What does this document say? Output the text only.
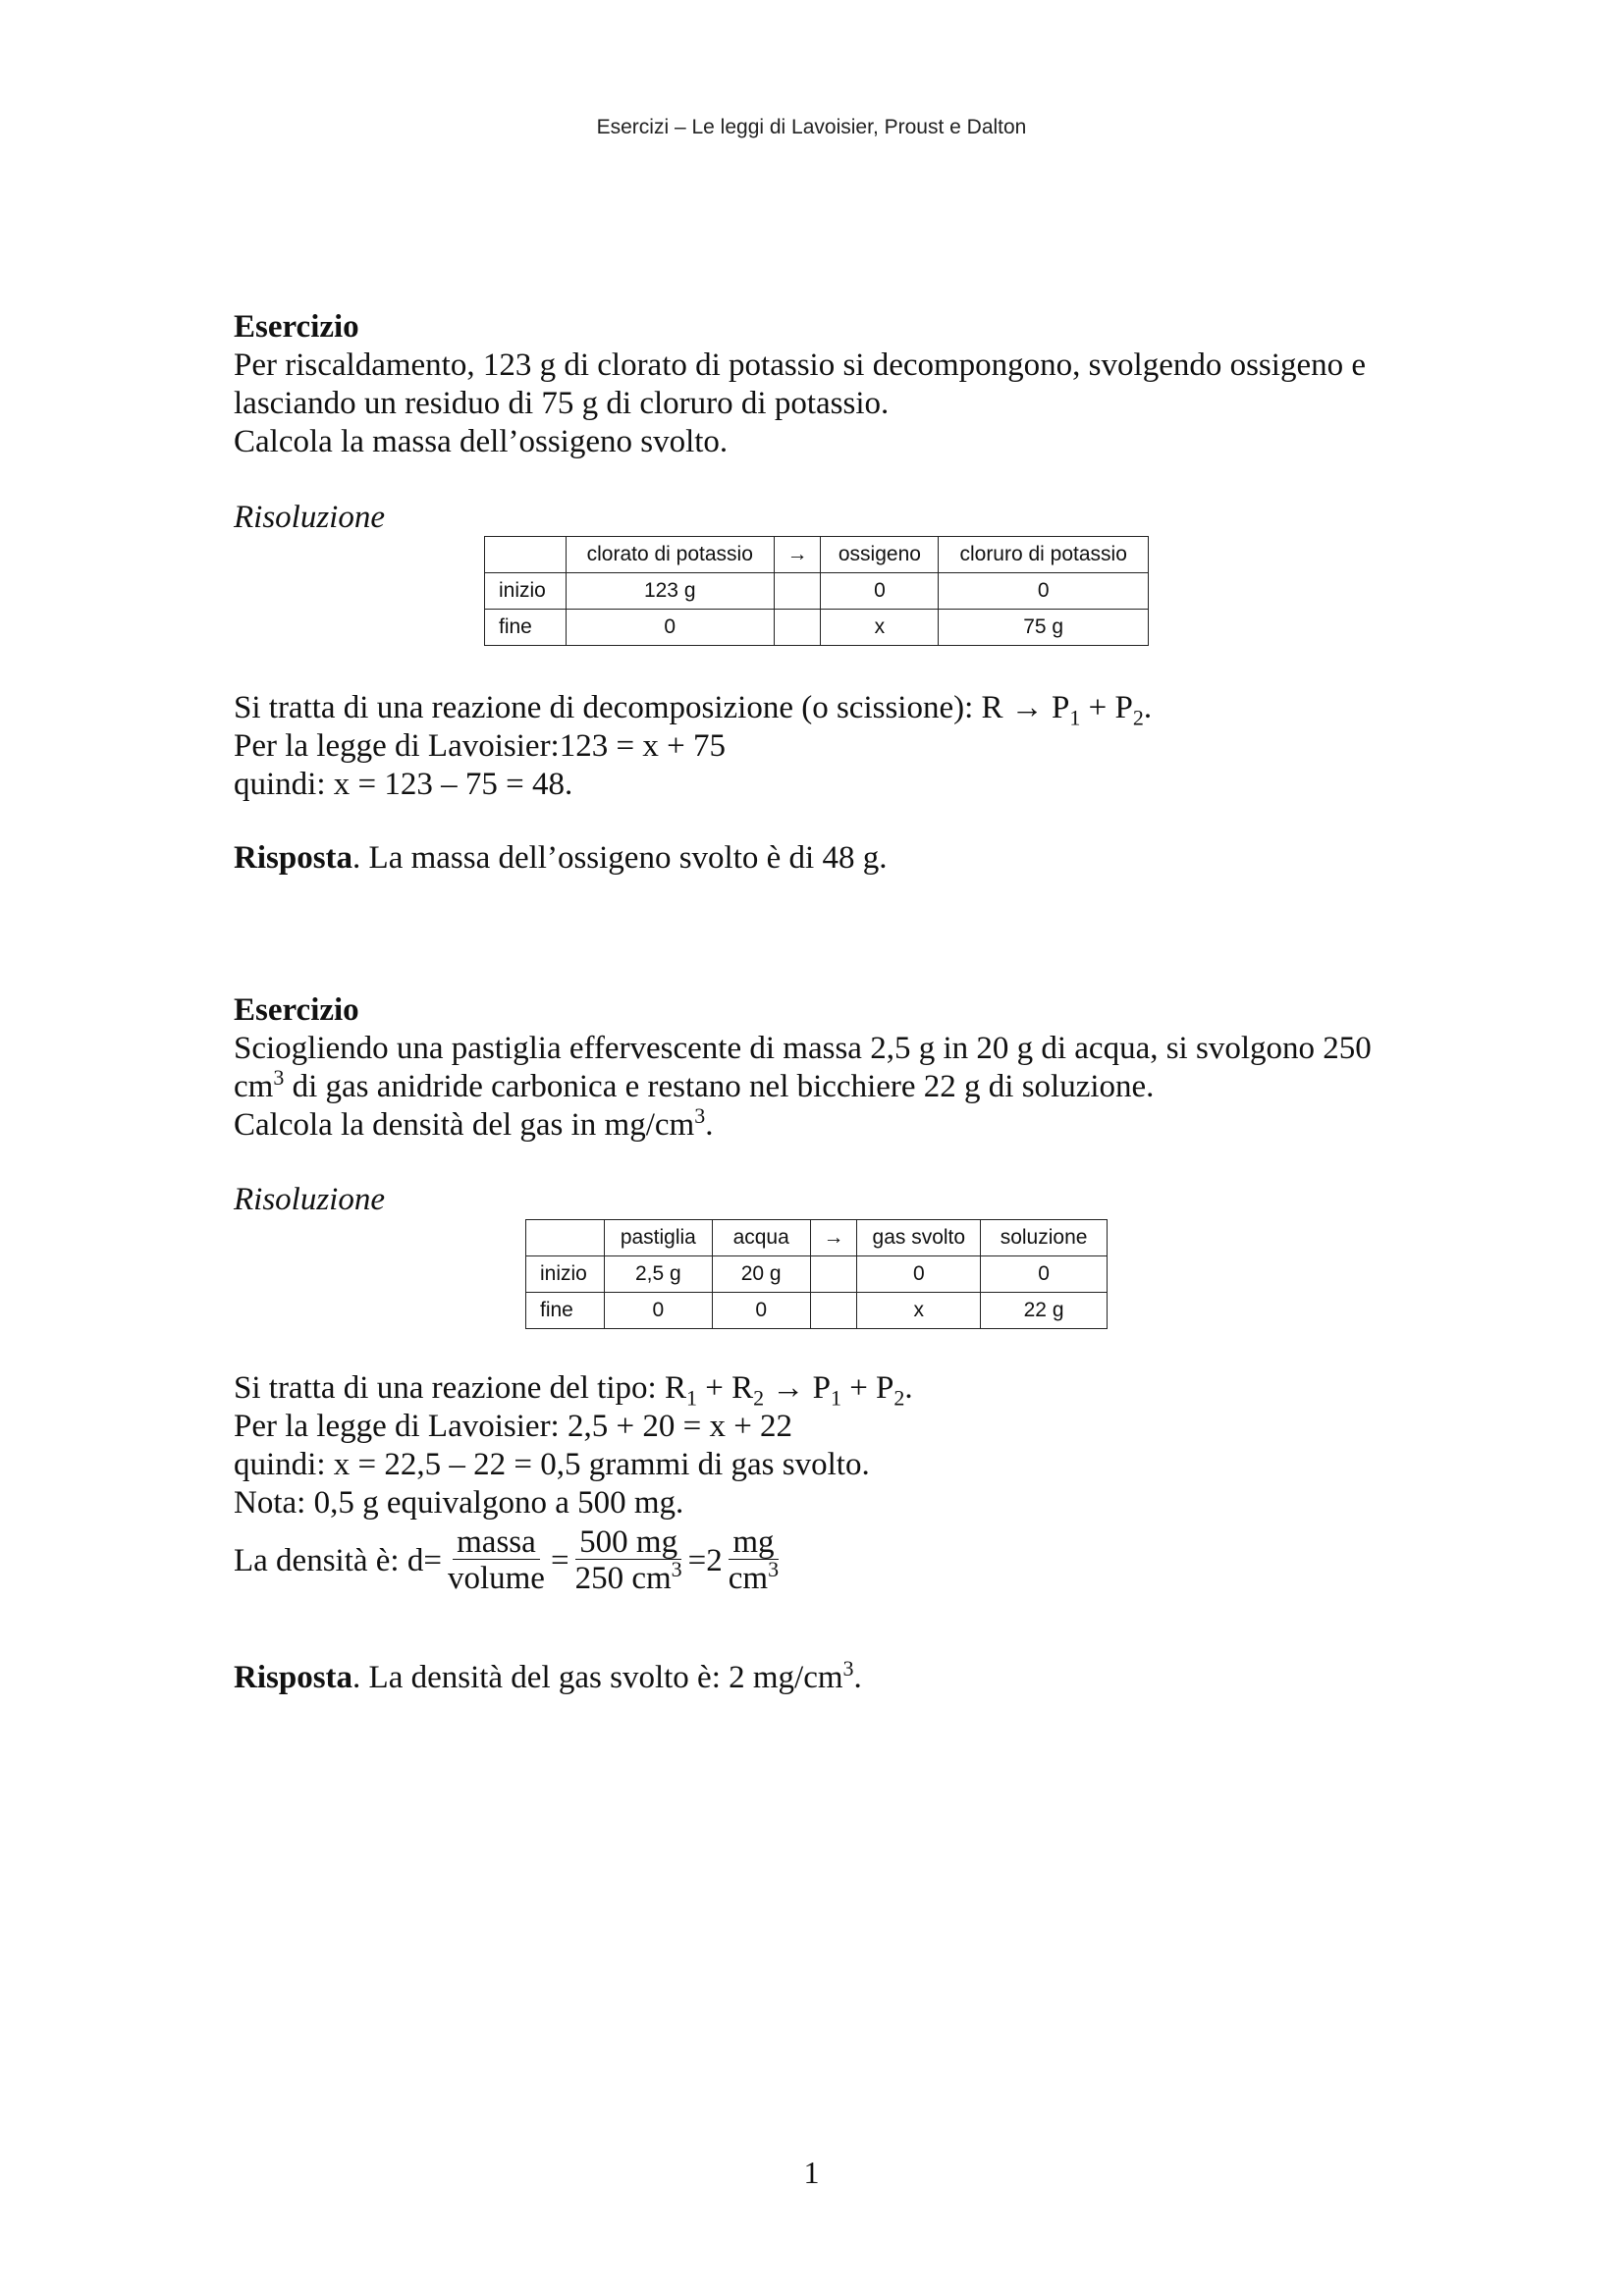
Esercizi – Le leggi di Lavoisier, Proust e Dalton
Esercizio
Per riscaldamento, 123 g di clorato di potassio si decompongono, svolgendo ossigeno e
lasciando un residuo di 75 g di cloruro di potassio.
Calcola la massa dell’ossigeno svolto.
Risoluzione
	clorato di potassio	→	ossigeno	cloruro di potassio
inizio	123 g		0	0
fine	0		x	75 g
Si tratta di una reazione di decomposizione (o scissione): $R \to P_1 + P_2$.
Per la legge di Lavoisier:123 = x + 75
quindi: x = 123 – 75 = 48.
Risposta. La massa dell’ossigeno svolto è di 48 g.
Esercizio
Sciogliendo una pastiglia effervescente di massa 2,5 g in 20 g di acqua, si svolgono 250
$cm^3$ di gas anidride carbonica e restano nel bicchiere 22 g di soluzione.
Calcola la densità del gas in $mg/cm^3$.
Risoluzione
	pastiglia	acqua	→	gas svolto	soluzione
inizio	2,5 g	20 g		0	0
fine	0	0		x	22 g
Si tratta di una reazione del tipo: $R_1 + R_2 \to P_1 + P_2$.
Per la legge di Lavoisier: 2,5 + 20 = x + 22
quindi: x = 22,5 – 22 = 0,5 grammi di gas svolto.
Nota: 0,5 g equivalgono a 500 mg.
La densità è: $d = \frac{\text{massa}}{\text{volume}} = \frac{500 mg}{250 cm^3} =2 \frac{mg}{cm^3}$
Risposta. La densità del gas svolto è: 2 $mg/cm^3$.
1
